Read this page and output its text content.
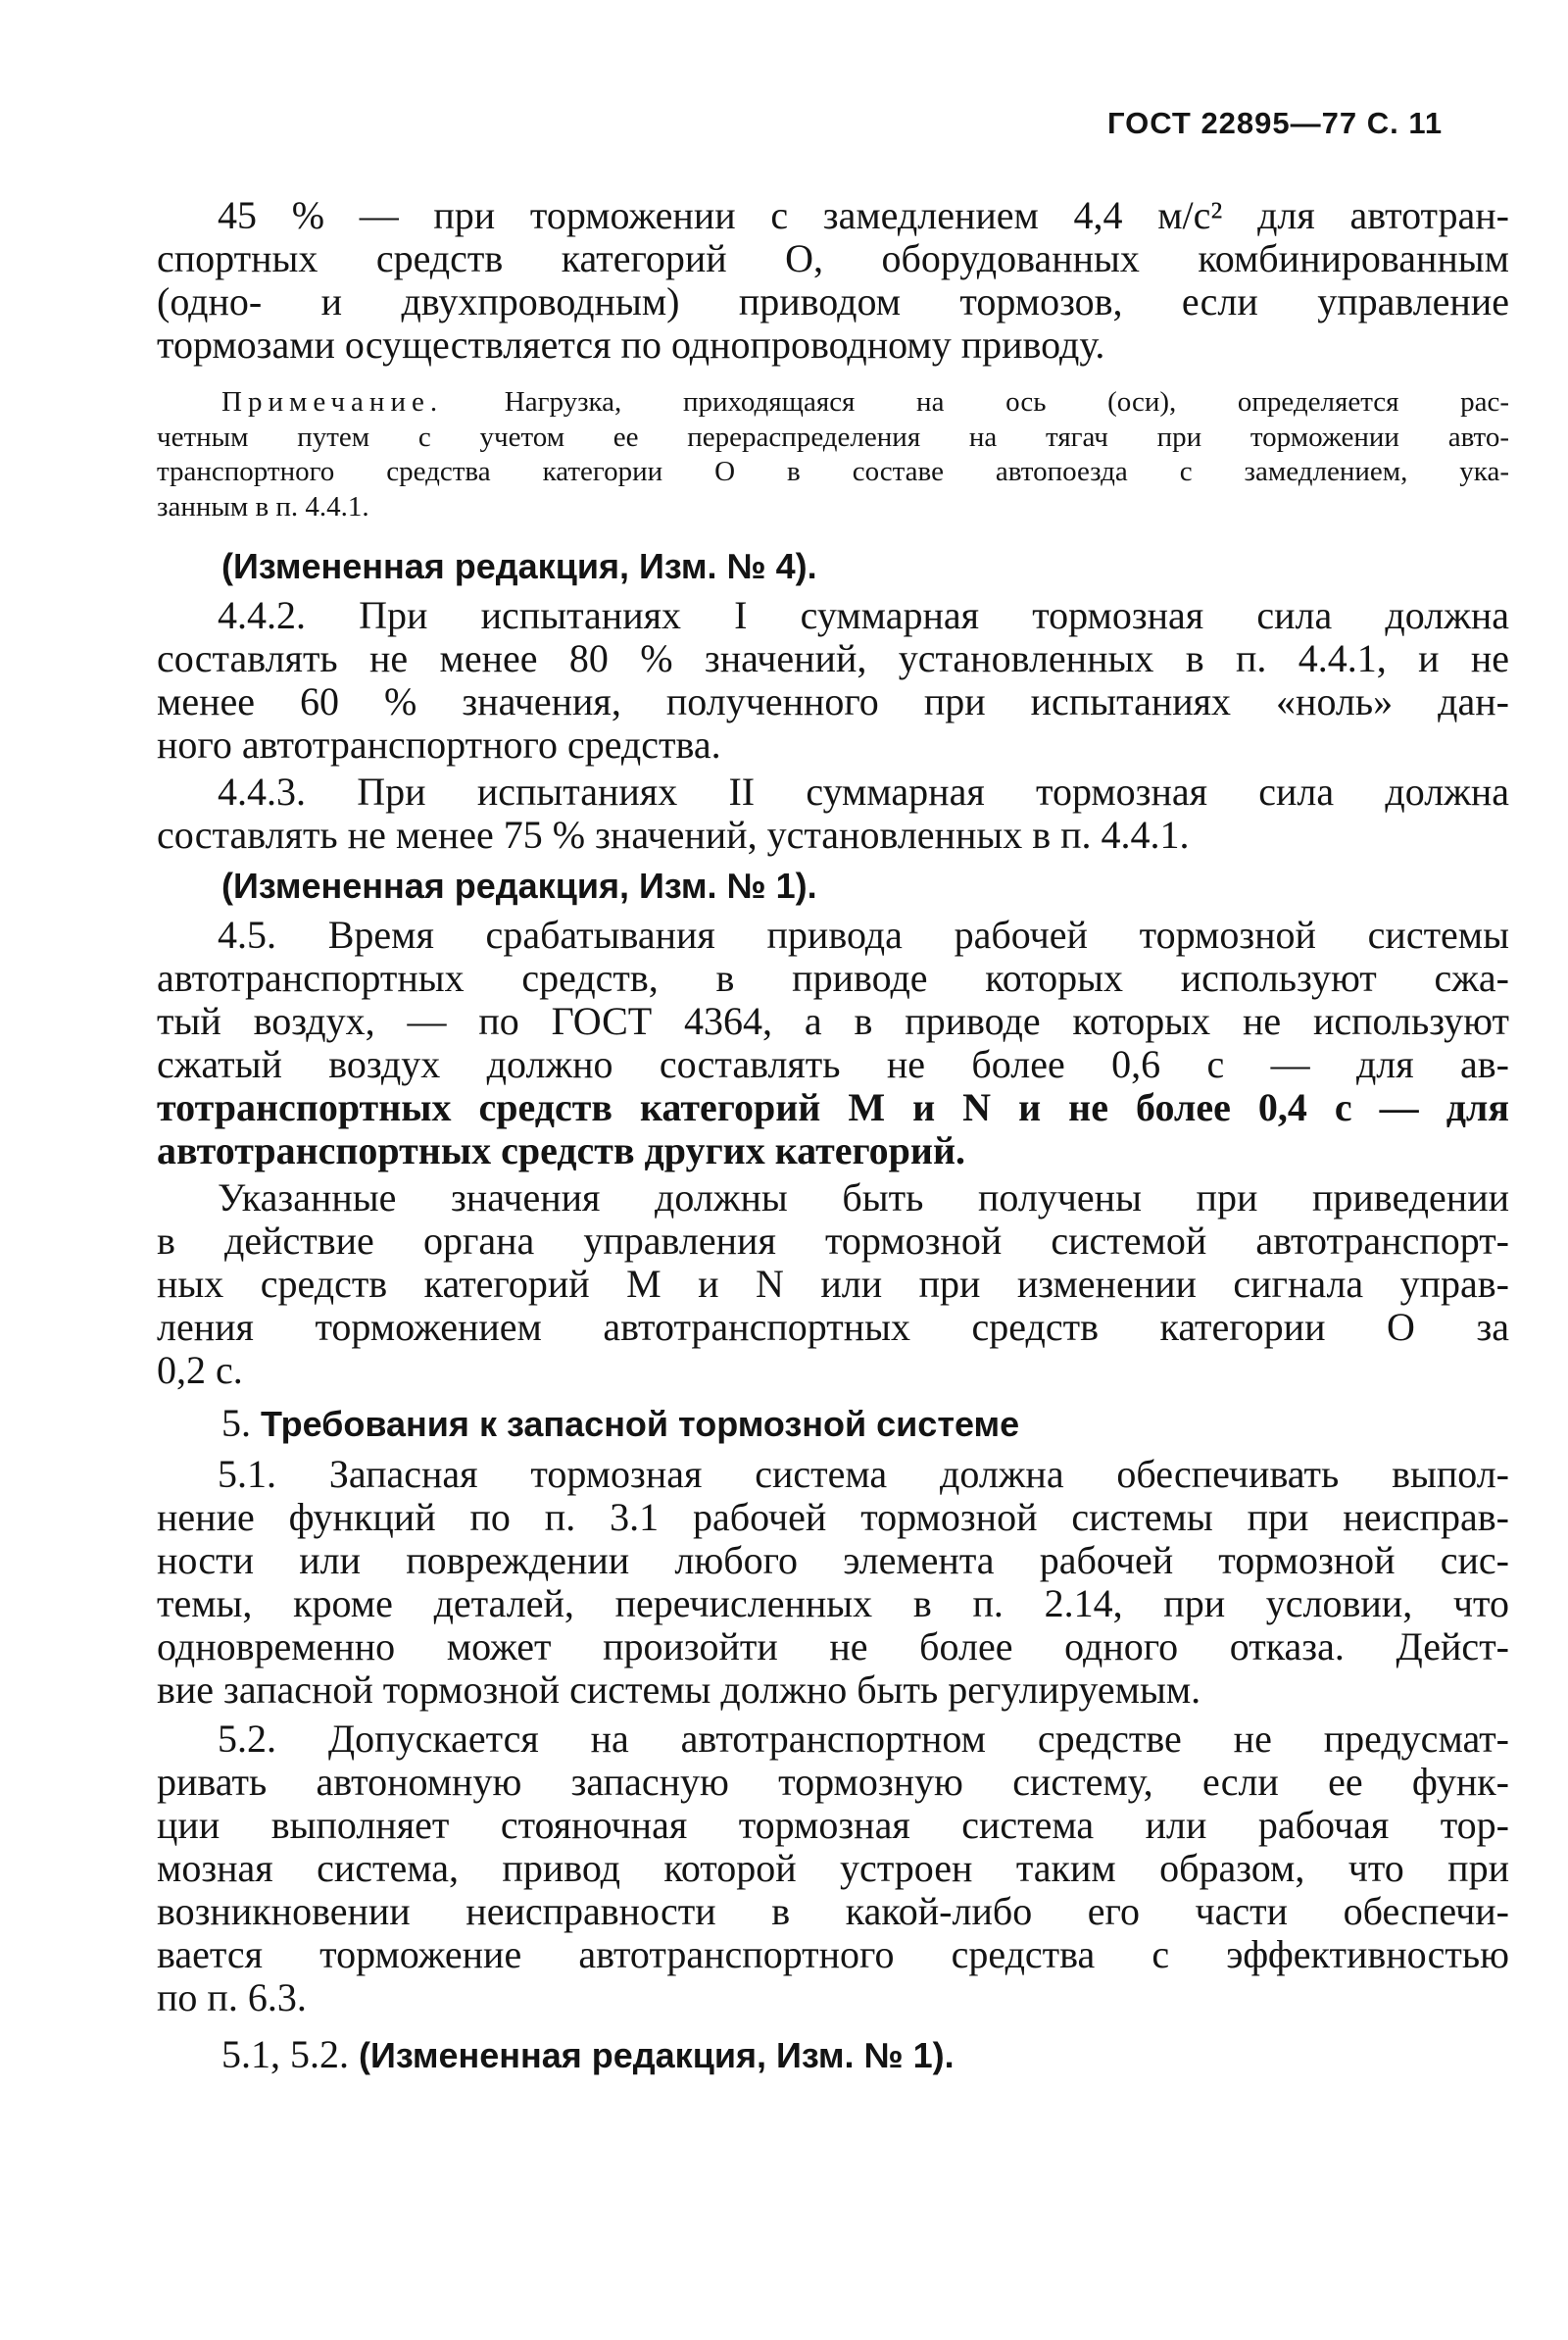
ГОСТ 22895—77 С. 11
45 % — при торможении с замедлением 4,4 м/с² для автотран-
спортных средств категорий О, оборудованных комбинированным
(одно- и двухпроводным) приводом тормозов, если управление
тормозами осуществляется по однопроводному приводу.
Примечание. Нагрузка, приходящаяся на ось (оси), определяется рас-
четным путем с учетом ее перераспределения на тягач при торможении авто-
транспортного средства категории О в составе автопоезда с замедлением, ука-
занным в п. 4.4.1.
(Измененная редакция, Изм. № 4).
4.4.2. При испытаниях I суммарная тормозная сила должна
составлять не менее 80 % значений, установленных в п. 4.4.1, и не
менее 60 % значения, полученного при испытаниях «ноль» дан-
ного автотранспортного средства.
4.4.3. При испытаниях II суммарная тормозная сила должна
составлять не менее 75 % значений, установленных в п. 4.4.1.
(Измененная редакция, Изм. № 1).
4.5. Время срабатывания привода рабочей тормозной системы
автотранспортных средств, в приводе которых используют сжа-
тый воздух, — по ГОСТ 4364, а в приводе которых не используют
сжатый воздух должно составлять не более 0,6 с — для ав-
тотранспортных средств категорий М и N и не более 0,4 с — для
автотранспортных средств других категорий.
Указанные значения должны быть получены при приведении
в действие органа управления тормозной системой автотранспорт-
ных средств категорий М и N или при изменении сигнала управ-
ления торможением автотранспортных средств категории О за
0,2 с.
5. Требования к запасной тормозной системе
5.1. Запасная тормозная система должна обеспечивать выпол-
нение функций по п. 3.1 рабочей тормозной системы при неиспрaв-
ности или повреждении любого элемента рабочей тормозной сис-
темы, кроме деталей, перечисленных в п. 2.14, при условии, что
одновременно может произойти не более одного отказа. Дейст-
вие запасной тормозной системы должно быть регулируемым.
5.2. Допускается на автотранспортном средстве не предусмат-
ривать автономную запасную тормозную систему, если ее функ-
ции выполняет стояночная тормозная система или рабочая тор-
мозная система, привод которой устроен таким образом, что при
возникновении неисправности в какой-либо его части обеспечи-
вается торможение автотранспортного средства с эффективностью
по п. 6.3.
5.1, 5.2. (Измененная редакция, Изм. № 1).
